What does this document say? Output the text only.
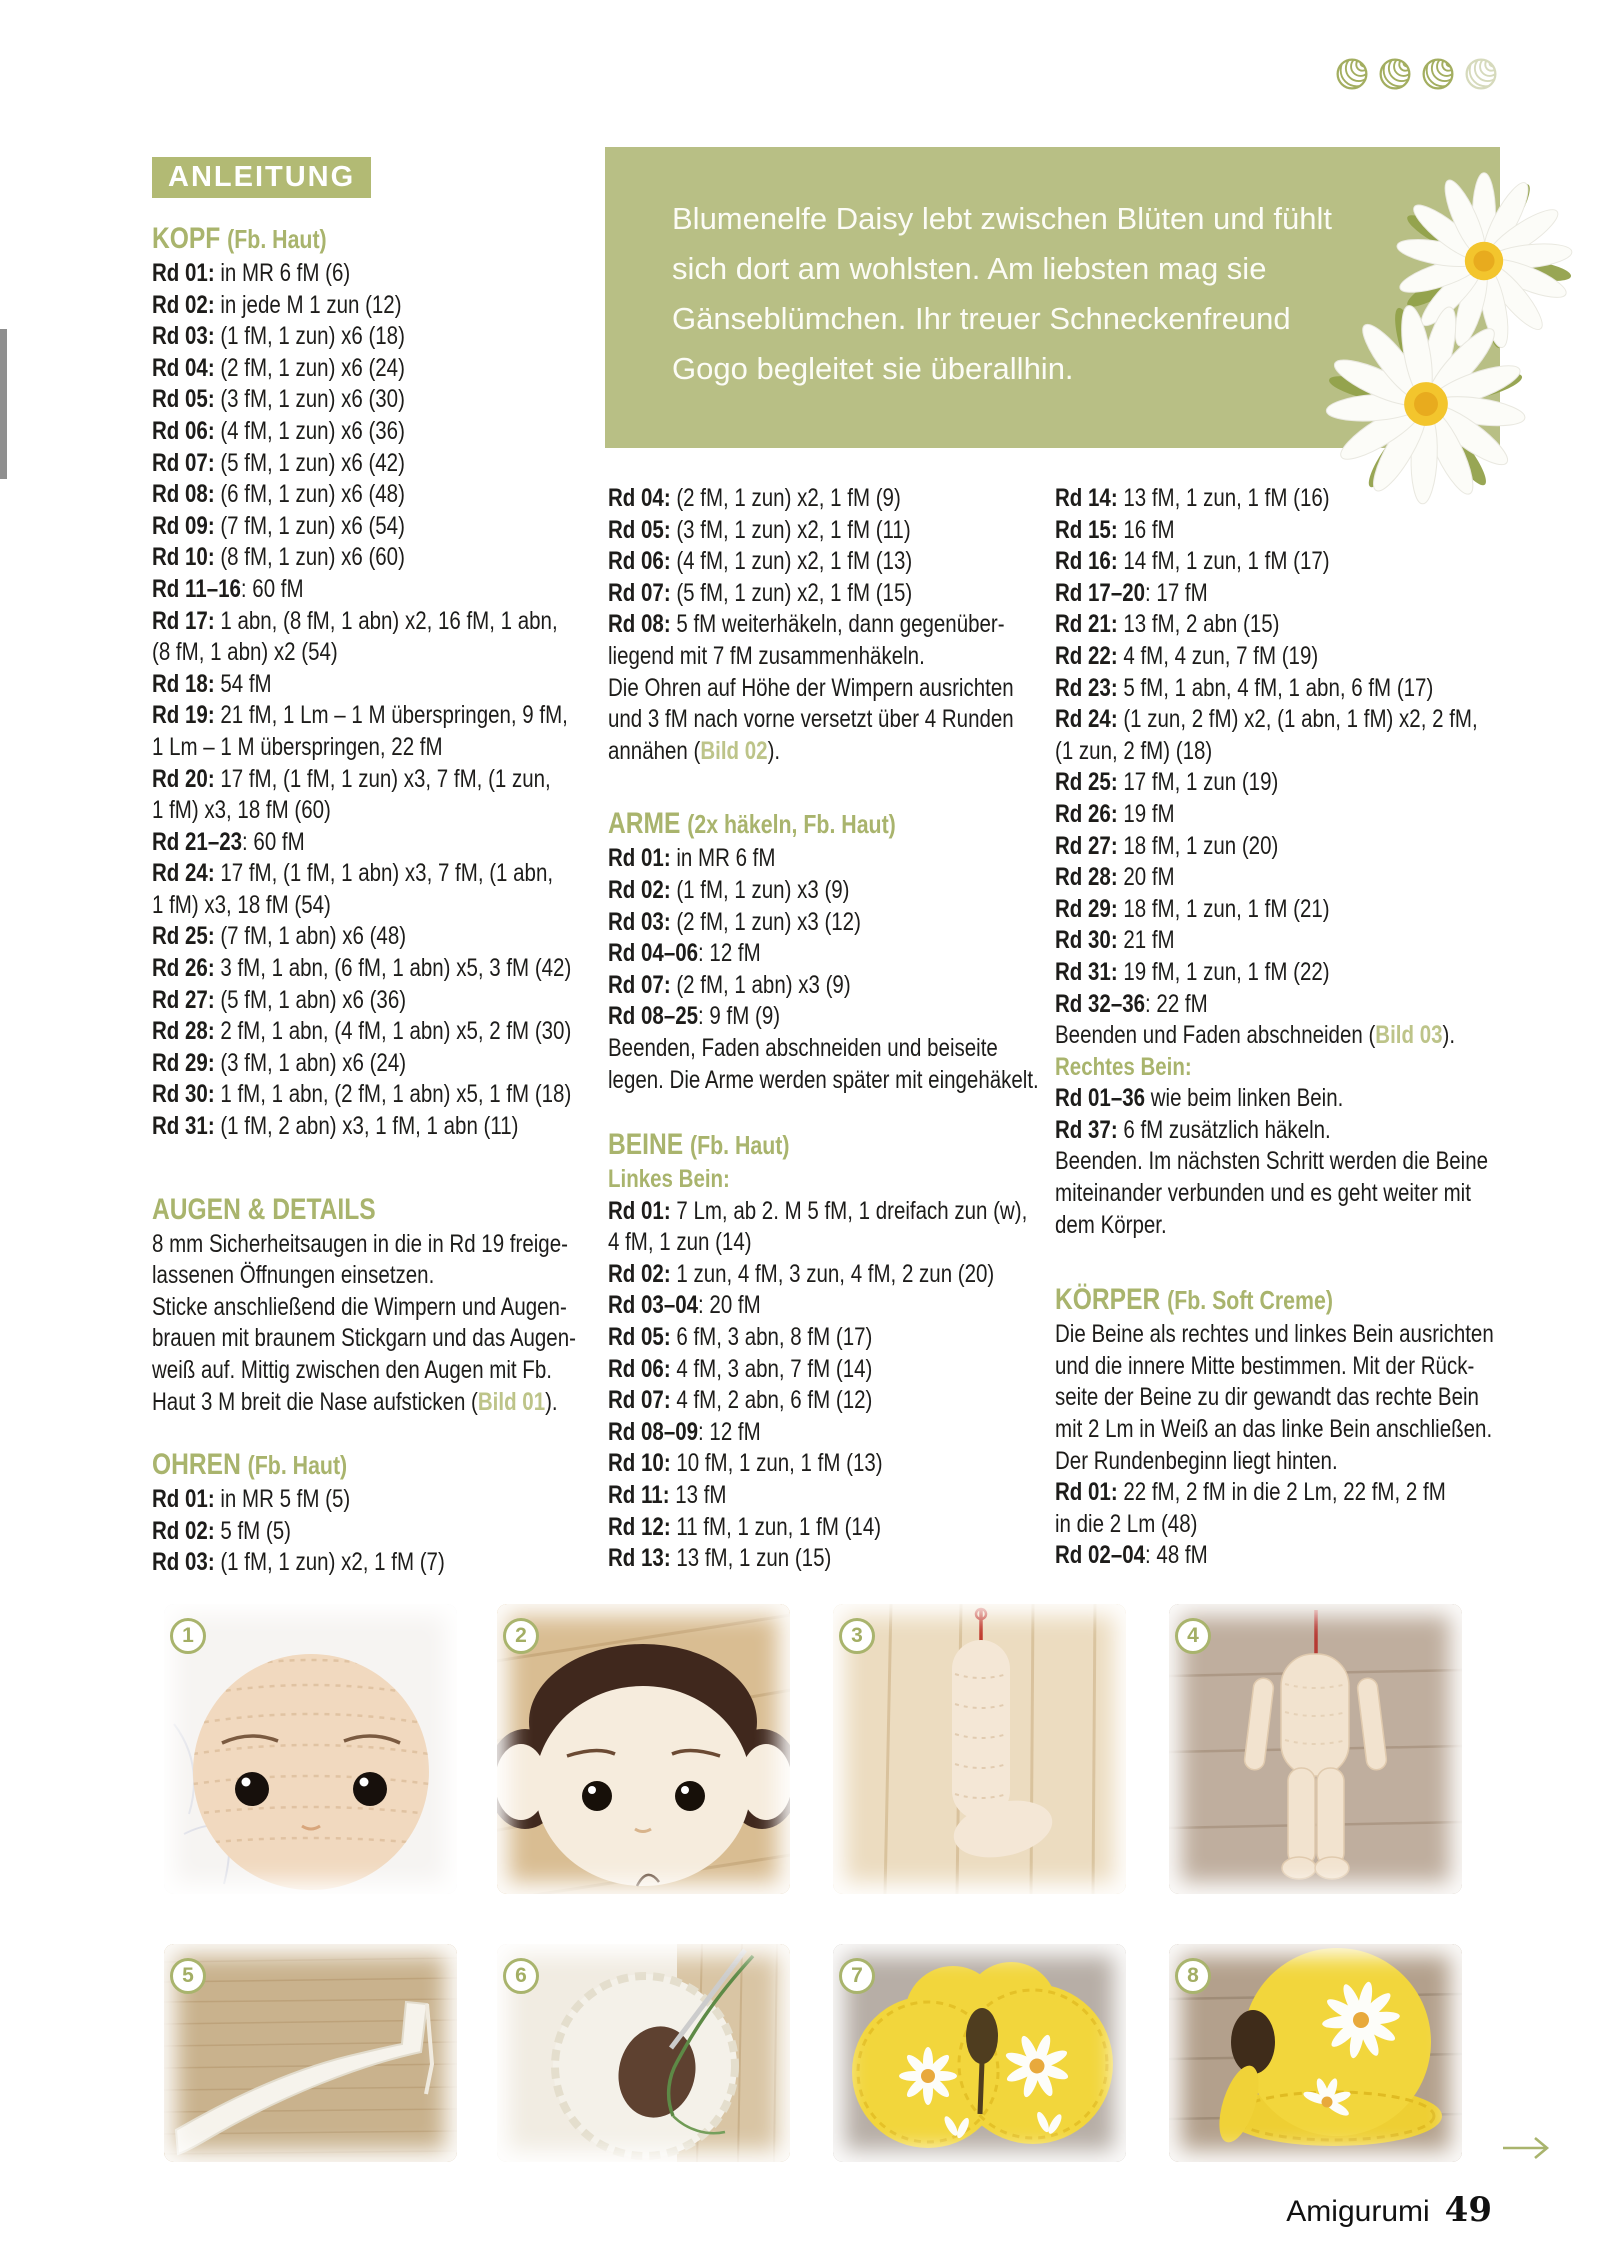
ANLEITUNG
Blumenelfe Daisy lebt zwischen Blüten und fühlt
sich dort am wohlsten. Am liebsten mag sie
Gänseblümchen. Ihr treuer Schneckenfreund
Gogo begleitet sie überallhin.
KOPF (Fb. Haut)
Rd 01: in MR 6 fM (6)
Rd 02: in jede M 1 zun (12)
Rd 03: (1 fM, 1 zun) x6 (18)
Rd 04: (2 fM, 1 zun) x6 (24)
Rd 05: (3 fM, 1 zun) x6 (30)
Rd 06: (4 fM, 1 zun) x6 (36)
Rd 07: (5 fM, 1 zun) x6 (42)
Rd 08: (6 fM, 1 zun) x6 (48)
Rd 09: (7 fM, 1 zun) x6 (54)
Rd 10: (8 fM, 1 zun) x6 (60)
Rd 11–16: 60 fM
Rd 17: 1 abn, (8 fM, 1 abn) x2, 16 fM, 1 abn,
(8 fM, 1 abn) x2 (54)
Rd 18: 54 fM
Rd 19: 21 fM, 1 Lm – 1 M überspringen, 9 fM,
1 Lm – 1 M überspringen, 22 fM
Rd 20: 17 fM, (1 fM, 1 zun) x3, 7 fM, (1 zun,
1 fM) x3, 18 fM (60)
Rd 21–23: 60 fM
Rd 24: 17 fM, (1 fM, 1 abn) x3, 7 fM, (1 abn,
1 fM) x3, 18 fM (54)
Rd 25: (7 fM, 1 abn) x6 (48)
Rd 26: 3 fM, 1 abn, (6 fM, 1 abn) x5, 3 fM (42)
Rd 27: (5 fM, 1 abn) x6 (36)
Rd 28: 2 fM, 1 abn, (4 fM, 1 abn) x5, 2 fM (30)
Rd 29: (3 fM, 1 abn) x6 (24)
Rd 30: 1 fM, 1 abn, (2 fM, 1 abn) x5, 1 fM (18)
Rd 31: (1 fM, 2 abn) x3, 1 fM, 1 abn (11)
AUGEN & DETAILS
8 mm Sicherheitsaugen in die in Rd 19 freige-
lassenen Öffnungen einsetzen.
Sticke anschließend die Wimpern und Augen-
brauen mit braunem Stickgarn und das Augen-
weiß auf. Mittig zwischen den Augen mit Fb.
Haut 3 M breit die Nase aufsticken (Bild 01).
OHREN (Fb. Haut)
Rd 01: in MR 5 fM (5)
Rd 02: 5 fM (5)
Rd 03: (1 fM, 1 zun) x2, 1 fM (7)
Rd 04: (2 fM, 1 zun) x2, 1 fM (9)
Rd 05: (3 fM, 1 zun) x2, 1 fM (11)
Rd 06: (4 fM, 1 zun) x2, 1 fM (13)
Rd 07: (5 fM, 1 zun) x2, 1 fM (15)
Rd 08: 5 fM weiterhäkeln, dann gegenüber-
liegend mit 7 fM zusammenhäkeln.
Die Ohren auf Höhe der Wimpern ausrichten
und 3 fM nach vorne versetzt über 4 Runden
annähen (Bild 02).
ARME (2x häkeln, Fb. Haut)
Rd 01: in MR 6 fM
Rd 02: (1 fM, 1 zun) x3 (9)
Rd 03: (2 fM, 1 zun) x3 (12)
Rd 04–06: 12 fM
Rd 07: (2 fM, 1 abn) x3 (9)
Rd 08–25: 9 fM (9)
Beenden, Faden abschneiden und beiseite
legen. Die Arme werden später mit eingehäkelt.
BEINE (Fb. Haut)
Linkes Bein:
Rd 01: 7 Lm, ab 2. M 5 fM, 1 dreifach zun (w),
4 fM, 1 zun (14)
Rd 02: 1 zun, 4 fM, 3 zun, 4 fM, 2 zun (20)
Rd 03–04: 20 fM
Rd 05: 6 fM, 3 abn, 8 fM (17)
Rd 06: 4 fM, 3 abn, 7 fM (14)
Rd 07: 4 fM, 2 abn, 6 fM (12)
Rd 08–09: 12 fM
Rd 10: 10 fM, 1 zun, 1 fM (13)
Rd 11: 13 fM
Rd 12: 11 fM, 1 zun, 1 fM (14)
Rd 13: 13 fM, 1 zun (15)
Rd 14: 13 fM, 1 zun, 1 fM (16)
Rd 15: 16 fM
Rd 16: 14 fM, 1 zun, 1 fM (17)
Rd 17–20: 17 fM
Rd 21: 13 fM, 2 abn (15)
Rd 22: 4 fM, 4 zun, 7 fM (19)
Rd 23: 5 fM, 1 abn, 4 fM, 1 abn, 6 fM (17)
Rd 24: (1 zun, 2 fM) x2, (1 abn, 1 fM) x2, 2 fM,
(1 zun, 2 fM) (18)
Rd 25: 17 fM, 1 zun (19)
Rd 26: 19 fM
Rd 27: 18 fM, 1 zun (20)
Rd 28: 20 fM
Rd 29: 18 fM, 1 zun, 1 fM (21)
Rd 30: 21 fM
Rd 31: 19 fM, 1 zun, 1 fM (22)
Rd 32–36: 22 fM
Beenden und Faden abschneiden (Bild 03).
Rechtes Bein:
Rd 01–36 wie beim linken Bein.
Rd 37: 6 fM zusätzlich häkeln.
Beenden. Im nächsten Schritt werden die Beine
miteinander verbunden und es geht weiter mit
dem Körper.
KÖRPER (Fb. Soft Creme)
Die Beine als rechtes und linkes Bein ausrichten
und die innere Mitte bestimmen. Mit der Rück-
seite der Beine zu dir gewandt das rechte Bein
mit 2 Lm in Weiß an das linke Bein anschließen.
Der Rundenbeginn liegt hinten.
Rd 01: 22 fM, 2 fM in die 2 Lm, 22 fM, 2 fM
in die 2 Lm (48)
Rd 02–04: 48 fM
1	2	3	4
5	6	7	8
Amigurumi 49
